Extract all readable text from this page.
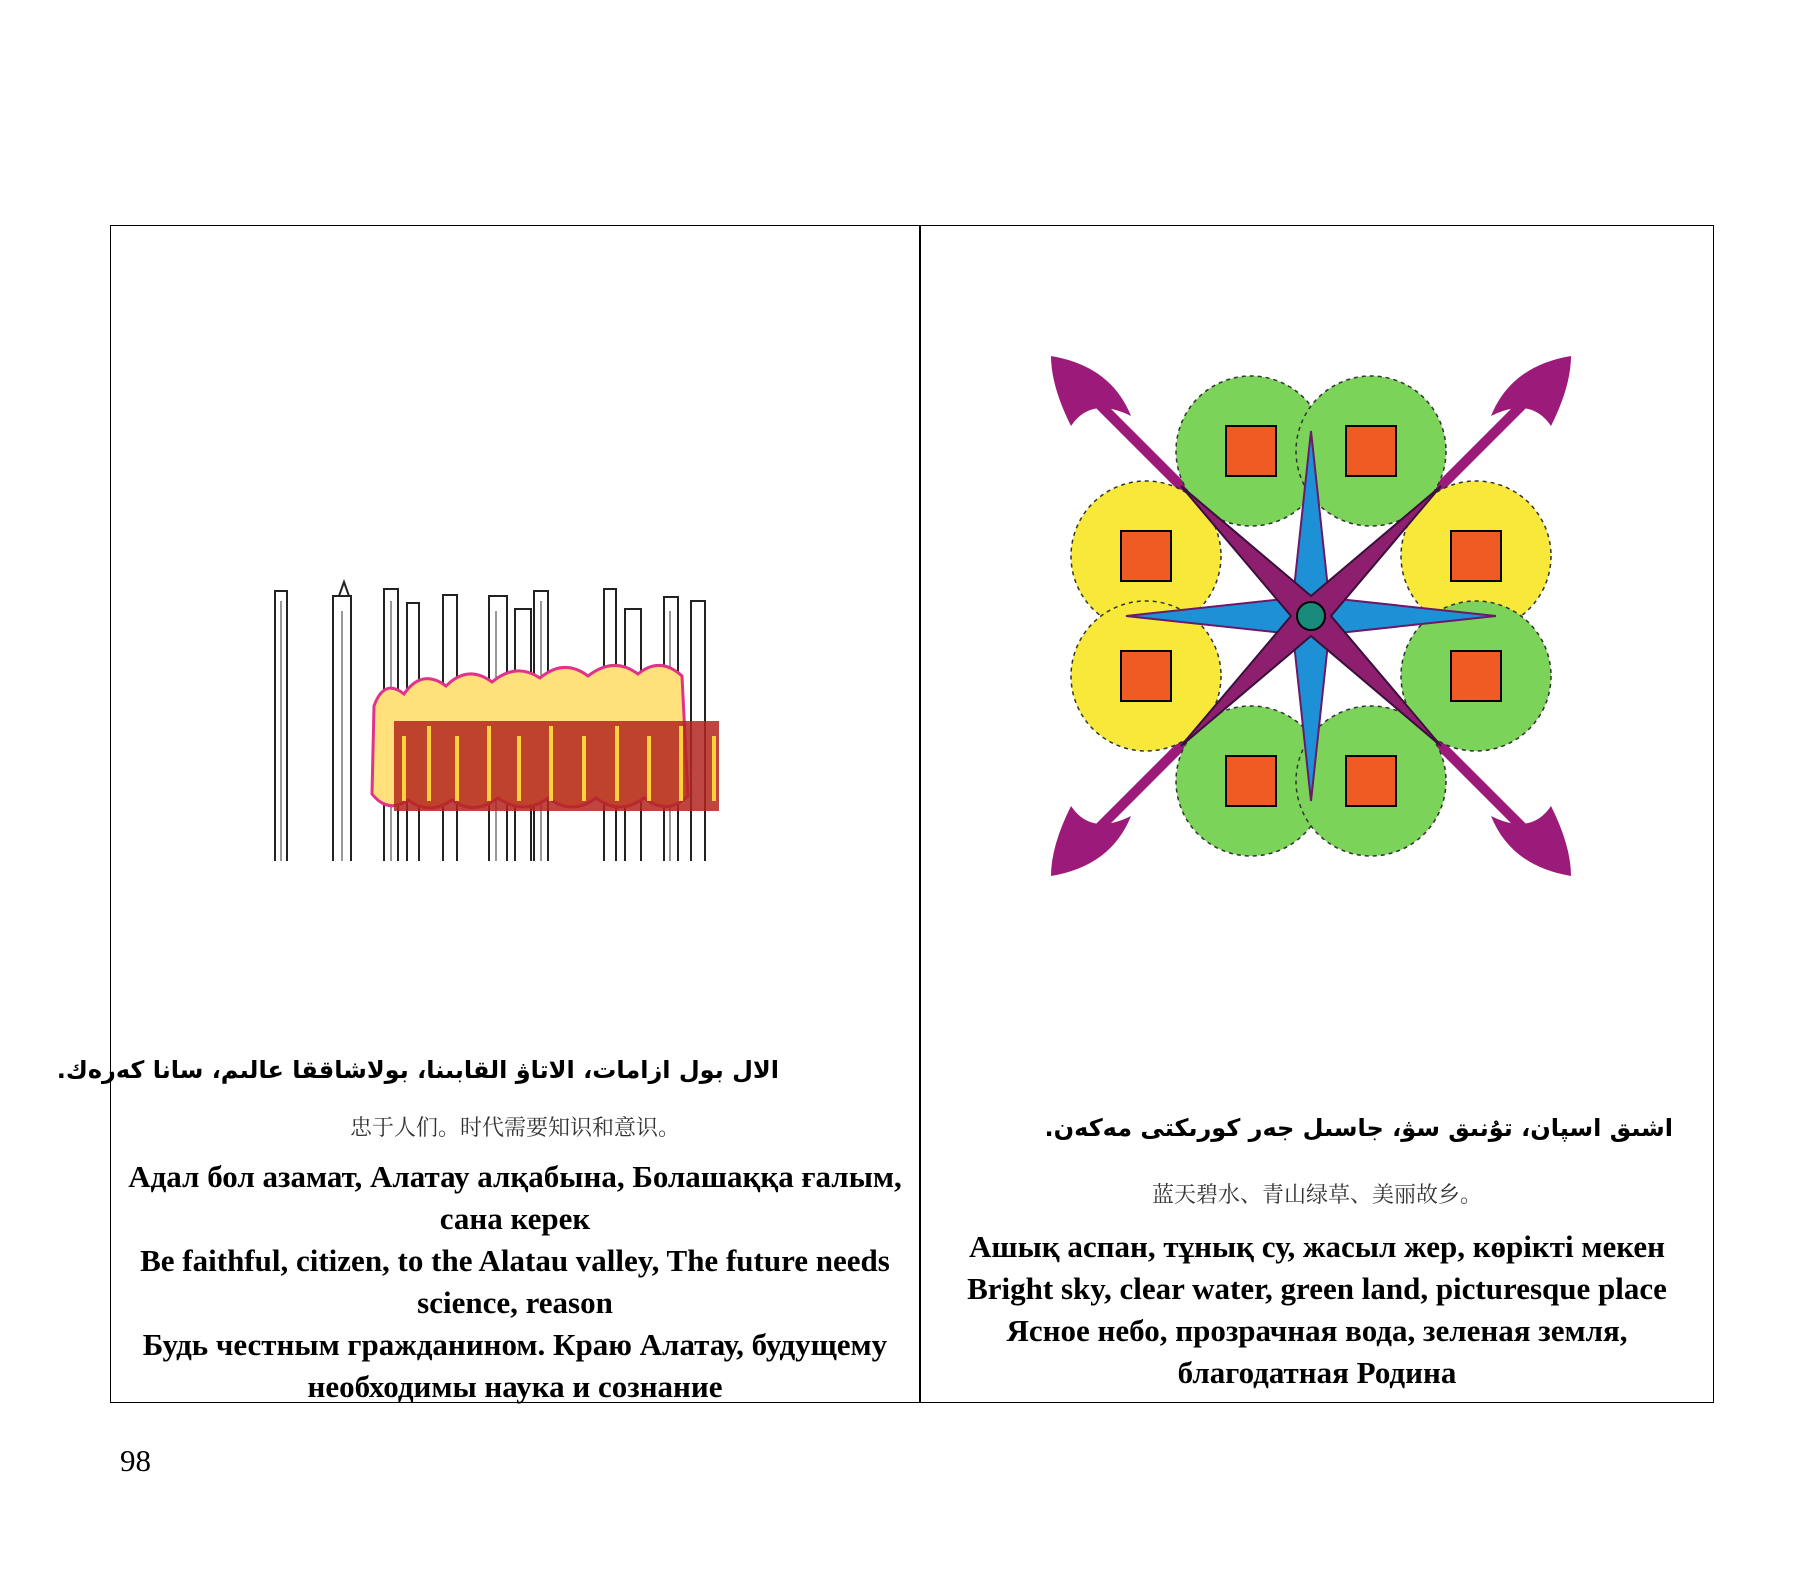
الال بول ازامات، الاتاۋ القابىنا، بولاشاققا عالىم، سانا كەرەك.
忠于人们。时代需要知识和意识。
Адал бол азамат, Алатау алқабына, Болашаққа ғалым,
сана керек
Be faithful, citizen, to the Alatau valley, The future needs
science, reason
Будь честным гражданином. Краю Алатау, будущему
необходимы наука и сознание
اشىق اسپان، تۇنىق سۋ، جاسىل جەر كورىكتى مەكەن.
蓝天碧水、青山绿草、美丽故乡。
Ашық аспан, тұнық су, жасыл жер, көрікті мекен
Bright sky, clear water, green land, picturesque place
Ясное небо, прозрачная вода, зеленая земля,
благодатная Родина
98
